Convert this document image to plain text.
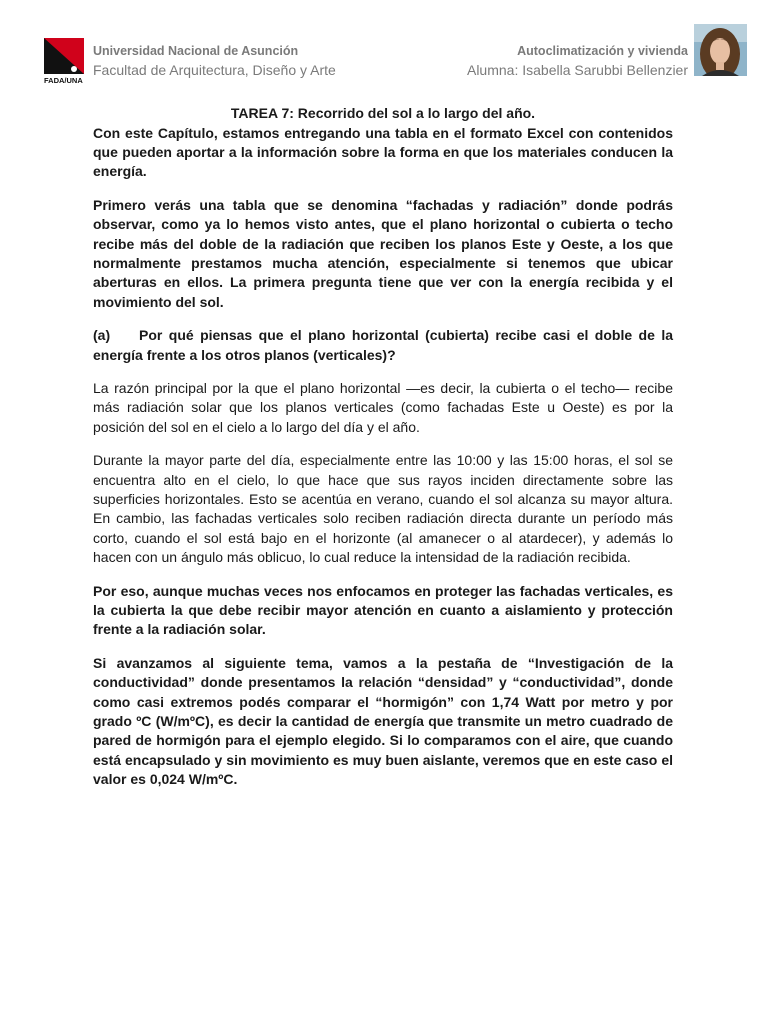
FADA/UNA
Universidad Nacional de Asunción
Facultad de Arquitectura, Diseño y Arte
Autoclimatización y vivienda
Alumna: Isabella Sarubbi Bellenzier
TAREA 7: Recorrido del sol a lo largo del año.

Con este Capítulo, estamos entregando una tabla en el formato Excel con contenidos que pueden aportar a la información sobre la forma en que los materiales conducen la energía.

Primero verás una tabla que se denomina “fachadas y radiación” donde podrás observar, como ya lo hemos visto antes, que el plano horizontal o cubierta o techo recibe más del doble de la radiación que reciben los planos Este y Oeste, a los que normalmente prestamos mucha atención, especialmente si tenemos que ubicar aberturas en ellos. La primera pregunta tiene que ver con la energía recibida y el movimiento del sol.

(a) Por qué piensas que el plano horizontal (cubierta) recibe casi el doble de la energía frente a los otros planos (verticales)?

La razón principal por la que el plano horizontal —es decir, la cubierta o el techo— recibe más radiación solar que los planos verticales (como fachadas Este u Oeste) es por la posición del sol en el cielo a lo largo del día y el año.

Durante la mayor parte del día, especialmente entre las 10:00 y las 15:00 horas, el sol se encuentra alto en el cielo, lo que hace que sus rayos inciden directamente sobre las superficies horizontales. Esto se acentúa en verano, cuando el sol alcanza su mayor altura. En cambio, las fachadas verticales solo reciben radiación directa durante un período más corto, cuando el sol está bajo en el horizonte (al amanecer o al atardecer), y además lo hacen con un ángulo más oblicuo, lo cual reduce la intensidad de la radiación recibida.

Por eso, aunque muchas veces nos enfocamos en proteger las fachadas verticales, es la cubierta la que debe recibir mayor atención en cuanto a aislamiento y protección frente a la radiación solar.

Si avanzamos al siguiente tema, vamos a la pestaña de “Investigación de la conductividad” donde presentamos la relación “densidad” y “conductividad”, donde como casi extremos podés comparar el “hormigón” con 1,74 Watt por metro y por grado ºC (W/mºC), es decir la cantidad de energía que transmite un metro cuadrado de pared de hormigón para el ejemplo elegido. Si lo comparamos con el aire, que cuando está encapsulado y sin movimiento es muy buen aislante, veremos que en este caso el valor es 0,024 W/mºC.
